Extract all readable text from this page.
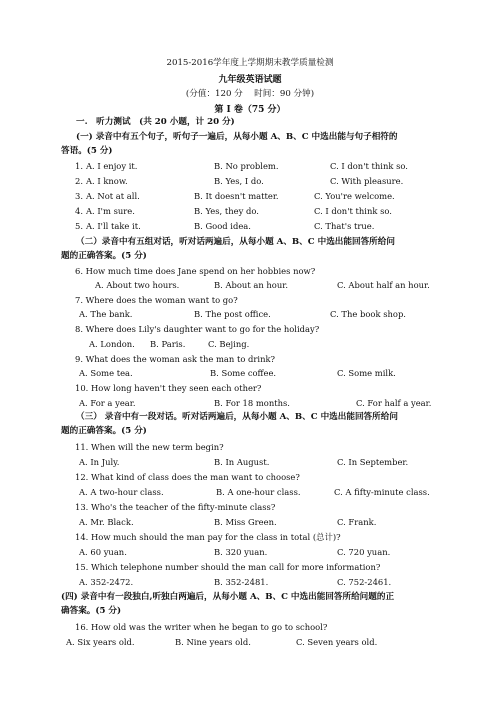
2015-2016学年度上学期期末教学质量检测
九年级英语试题
(分值：120 分　 时间：90 分钟)
第 I 卷（75 分）
一.　听力测试　(共 20 小题，计 20 分)
(一) 录音中有五个句子，听句子一遍后，从每小题 A、B、C 中选出能与句子相符的
答语。(5 分)
1. A. I enjoy it.	B. No problem.	C. I don't think so.
2. A. I know.	B. Yes, I do.	C. With pleasure.
3. A. Not at all.	B. It doesn't matter.	C. You're welcome.
4. A. I'm sure.	B. Yes, they do.	C. I don't think so.
5. A. I'll take it.	B. Good idea.	C. That's true.
（二）录音中有五组对话，听对话两遍后，从每小题 A、B、C 中选出能回答所给问
题的正确答案。(5 分)
6. How much time does Jane spend on her hobbies now?
A. About two hours.	B. About an hour.	C. About half an hour.
7. Where does the woman want to go?
A. The bank.	B. The post office.	C. The book shop.
8. Where does Lily's daughter want to go for the holiday?
A. London. B. Paris.	C. Bejing.
9. What does the woman ask the man to drink?
A. Some tea.	B. Some coffee.	C. Some milk.
10. How long haven't they seen each other?
A. For a year.	B. For 18 months.	C. For half a year.
（三） 录音中有一段对话。听对话两遍后，从每小题 A、B、C 中选出能回答所给问
题的正确答案。(5 分)
11. When will the new term begin?
A. In July.	B. In August.	C. In September.
12. What kind of class does the man want to choose?
A. A two-hour class.	B. A one-hour class.	C. A fifty-minute class.
13. Who's the teacher of the fifty-minute class?
A. Mr. Black.	B. Miss Green.	C. Frank.
14. How much should the man pay for the class in total (总计)?
A. 60 yuan.	B. 320 yuan.	C. 720 yuan.
15. Which telephone number should the man call for more information?
A. 352-2472.	B. 352-2481.	C. 752-2461.
(四) 录音中有一段独白,听独白两遍后，从每小题 A、B、C 中选出能回答所给问题的正
确答案。(5 分)
16. How old was the writer when he began to go to school?
A. Six years old.	B. Nine years old.	C. Seven years old.
